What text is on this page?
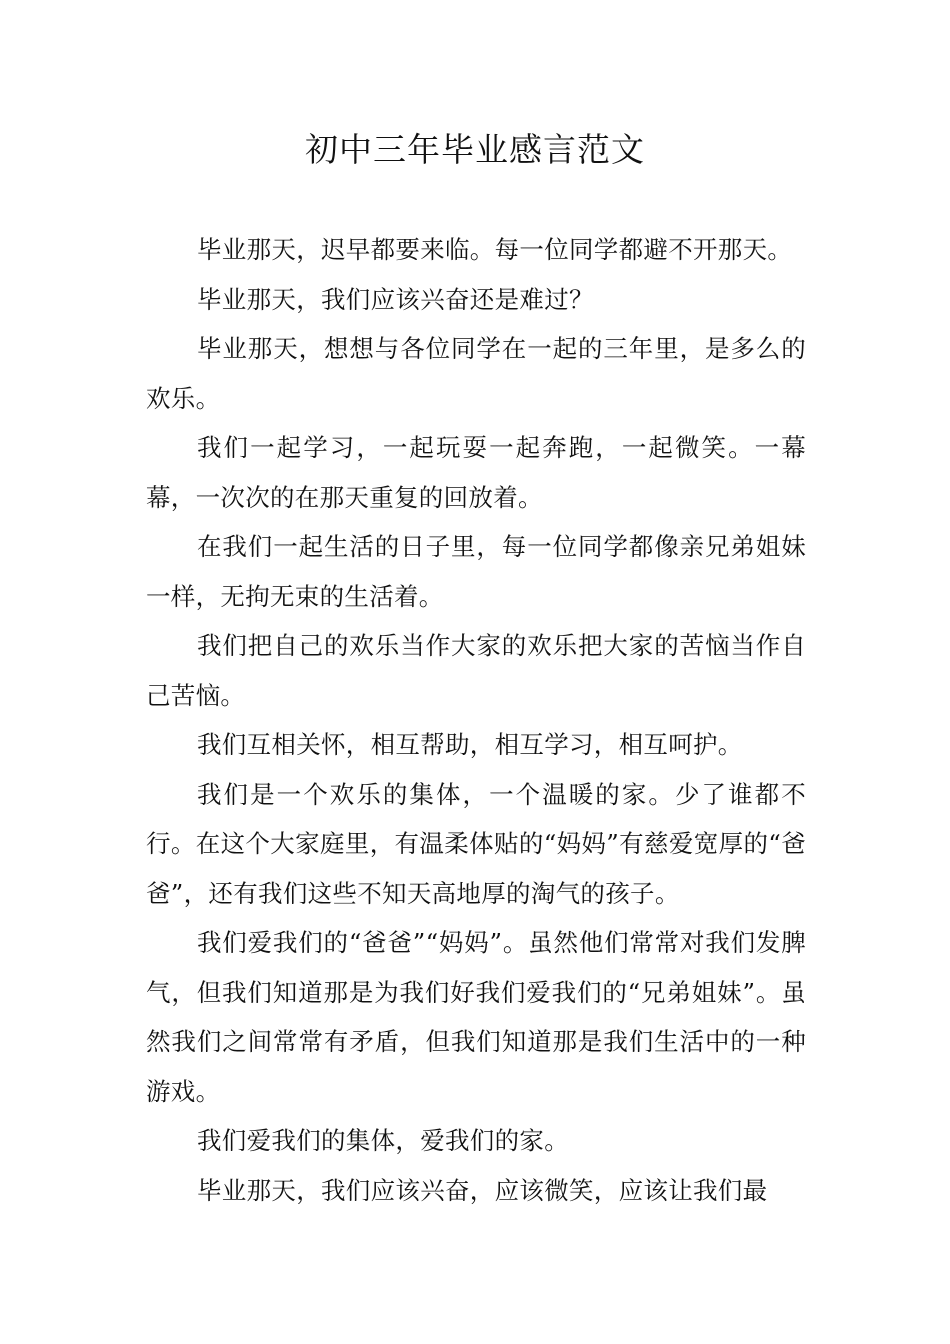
初中三年毕业感言范文

毕业那天，迟早都要来临。每一位同学都避不开那天。

毕业那天，我们应该兴奋还是难过？

毕业那天，想想与各位同学在一起的三年里，是多么的欢乐。

我们一起学习，一起玩耍一起奔跑，一起微笑。一幕幕，一次次的在那天重复的回放着。

在我们一起生活的日子里，每一位同学都像亲兄弟姐妹一样，无拘无束的生活着。

我们把自己的欢乐当作大家的欢乐把大家的苦恼当作自己苦恼。

我们互相关怀，相互帮助，相互学习，相互呵护。

我们是一个欢乐的集体，一个温暖的家。少了谁都不行。在这个大家庭里，有温柔体贴的“妈妈”有慈爱宽厚的“爸爸”，还有我们这些不知天高地厚的淘气的孩子。

我们爱我们的“爸爸”“妈妈”。虽然他们常常对我们发脾气，但我们知道那是为我们好我们爱我们的“兄弟姐妹”。虽然我们之间常常有矛盾，但我们知道那是我们生活中的一种游戏。

我们爱我们的集体，爱我们的家。

毕业那天，我们应该兴奋，应该微笑，应该让我们最
